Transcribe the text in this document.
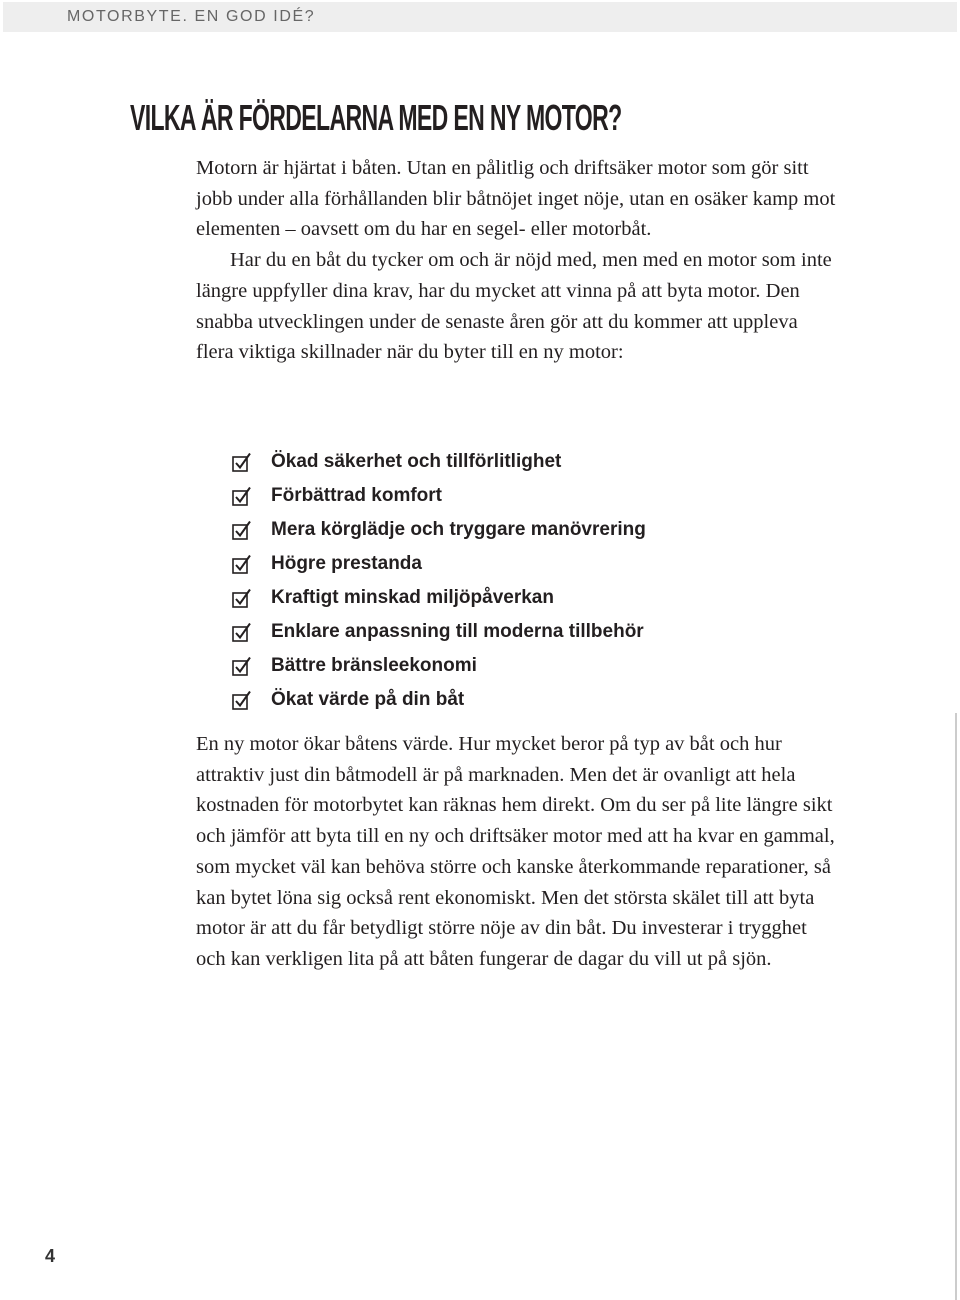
MOTORBYTE. EN GOD IDÉ?
VILKA ÄR FÖRDELARNA MED EN NY MOTOR?

Motorn är hjärtat i båten. Utan en pålitlig och driftsäker motor som gör sitt jobb under alla förhållanden blir båtnöjet inget nöje, utan en osäker kamp mot elementen – oavsett om du har en segel- eller motorbåt.

Har du en båt du tycker om och är nöjd med, men med en motor som inte längre uppfyller dina krav, har du mycket att vinna på att byta motor. Den snabba utvecklingen under de senaste åren gör att du kommer att uppleva flera viktiga skillnader när du byter till en ny motor:

Ökad säkerhet och tillförlitlighet
Förbättrad komfort
Mera körglädje och tryggare manövrering
Högre prestanda
Kraftigt minskad miljöpåverkan
Enklare anpassning till moderna tillbehör
Bättre bränsleekonomi
Ökat värde på din båt

En ny motor ökar båtens värde. Hur mycket beror på typ av båt och hur attraktiv just din båtmodell är på marknaden. Men det är ovanligt att hela kostnaden för motorbytet kan räknas hem direkt. Om du ser på lite längre sikt och jämför att byta till en ny och driftsäker motor med att ha kvar en gammal, som mycket väl kan behöva större och kanske återkommande reparationer, så kan bytet löna sig också rent ekonomiskt. Men det största skälet till att byta motor är att du får betydligt större nöje av din båt. Du investerar i trygghet och kan verkligen lita på att båten fungerar de dagar du vill ut på sjön.

4
